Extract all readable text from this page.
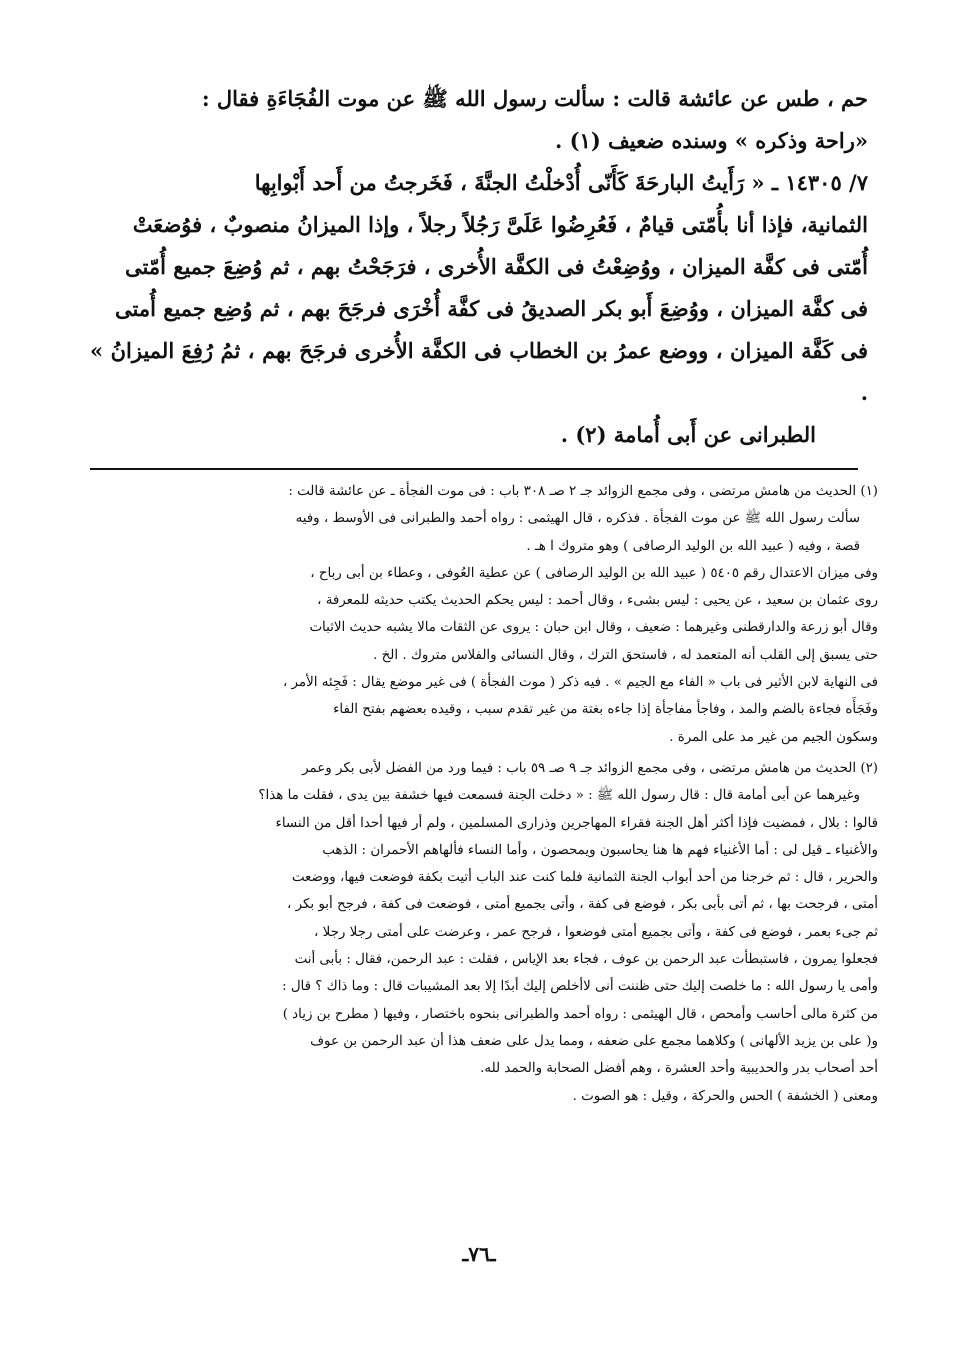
حم ، طس عن عائشة قالت : سألت رسول الله ﷺ عن موت الفُجَاءَةِ فقال :
«راحة وذكره » وسنده ضعيف (١) .
٧/ ١٤٣٠٥ ـ « رَأَيتُ البارحَةَ كَأَنّى أُدْخلْتُ الجنَّةَ ، فَخَرجتُ من أَحد أَبْوابِها
الثمانية، فإذا أنا بأُمّتى قيامٌ ، فَعُرِضُوا عَلَىَّ رَجُلاً رجلاً ، وإذا الميزانُ منصوبٌ ، فوُضعَتْ
أُمّتى فى كفَّة الميزان ، ووُضِعْتُ فى الكفَّة الأُخرى ، فرَجَحْتُ بهم ، ثم وُضِعَ جميع أُمّتى
فى كفَّة الميزان ، ووُضِعَ أَبو بكر الصديقُ فى كفَّة أُخْرَى فرجَحَ بهم ، ثم وُضِع جميع أُمتى
فى كَفَّة الميزان ، ووضع عمرُ بن الخطاب فى الكفَّة الأُخرى فرجَحَ بهم ، ثمُ رُفِعَ الميزانُ » .
الطبرانى عن أَبى أُمامة (٢) .

(١) الحديث من هامش مرتضى ، وفى مجمع الزوائد جـ ٢ صـ ٣٠٨ باب : فى موت الفجأة ـ عن عائشة قالت :
سألت رسول الله ﷺ عن موت الفجأة . فذكره ، قال الهيثمى : رواه أحمد والطبرانى فى الأوسط ، وفيه
قصة ، وفيه ( عبيد الله بن الوليد الرصافى ) وهو متروك ا هـ .
وفى ميزان الاعتدال رقم ٥٤٠٥ ( عبيد الله بن الوليد الرصافى ) عن عطية العُوفى ، وعطاء بن أبى رباح ،
روى عثمان بن سعيد ، عن يحيى : ليس بشىء ، وقال أحمد : ليس يحكم الحديث يكتب حديثه للمعرفة ،
وقال أبو زرعة والدارقطنى وغيرهما : ضعيف ، وقال ابن حبان : يروى عن الثقات مالا يشبه حديث الاثبات
حتى يسبق إلى القلب أنه المتعمد له ، فاستحق الترك ، وقال النسائى والفلاس متروك . الخ .
فى النهاية لابن الأثير فى باب « الفاء مع الجيم » . فيه ذكر ( موت الفجأة ) فى غير موضع يقال : فَجِئه الأمر ،
وفَجَأَه فجاءة بالضم والمد ، وفاجأ مفاجأة إذا جاءه بغتة من غير تقدم سبب ، وقيده بعضهم بفتح الفاء
وسكون الجيم من غير مد على المرة .
(٢) الحديث من هامش مرتضى ، وفى مجمع الزوائد جـ ٩ صـ ٥٩ باب : فيما ورد من الفضل لأبى بكر وعمر
وغيرهما عن أبى أمامة قال : قال رسول الله ﷺ : « دخلت الجنة فسمعت فيها خشفة بين يدى ، فقلت ما هذا؟
قالوا : بلال ، فمضيت فإذا أكثر أهل الجنة فقراء المهاجرين وذرارى المسلمين ، ولم أر فيها أحدا أقل من النساء
والأغنياء ـ قيل لى : أما الأغنياء فهم ها هنا يحاسبون ويمحصون ، وأما النساء فألهاهم الأحمران : الذهب
والحرير ، قال : ثم خرجنا من أحد أبواب الجنة الثمانية فلما كنت عند الباب أتيت بكفة فوضعت فيها، ووضعت
أمتى ، فرجحت بها ، ثم أتى بأبى بكر ، فوضع فى كفة ، وأتى بجميع أمتى ، فوضعت فى كفة ، فرجح أبو بكر ،
ثم جىء بعمر ، فوضع فى كفة ، وأتى بجميع أمتى فوضعوا ، فرجح عمر ، وعرضت على أمتى رجلا رجلا ،
فجعلوا يمرون ، فاستبطأت عبد الرحمن بن عوف ، فجاء بعد الإياس ، فقلت : عبد الرحمن، فقال : بأبى أنت
وأمى يا رسول الله : ما خلصت إليك حتى ظننت أنى لاأخلص إليك أبدًا إلا بعد المشيبات قال : وما ذاك ؟ قال :
من كثرة مالى أحاسب وأمحص ، قال الهيثمى : رواه أحمد والطبرانى بنحوه باختصار ، وفيها ( مطرح بن زياد )
و( على بن يزيد الألهانى ) وكلاهما مجمع على ضعفه ، ومما يدل على ضعف هذا أن عبد الرحمن بن عوف
أحد أصحاب بدر والحديبية وأحد العشرة ، وهم أفضل الصحابة والحمد لله.
ومعنى ( الخشفة ) الحس والحركة ، وقيل : هو الصوت .
ـ٧٦ـ
